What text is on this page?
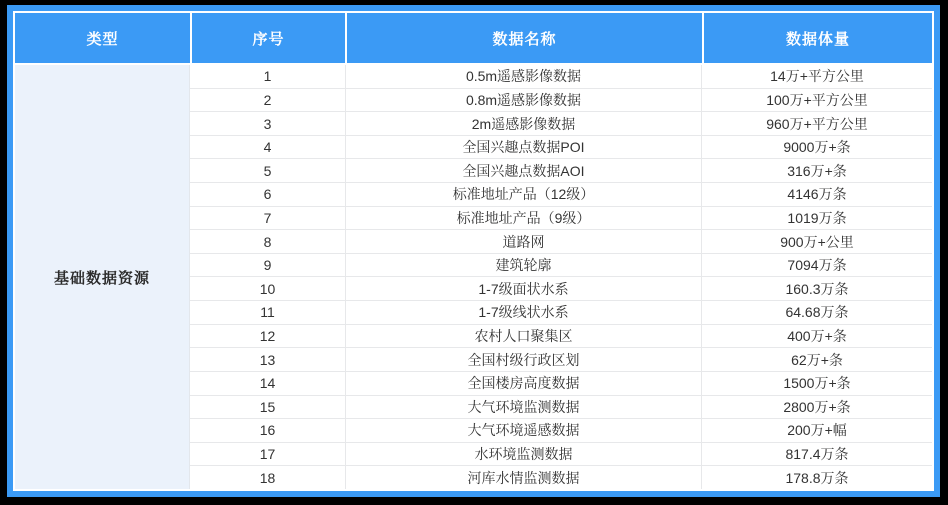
类型	序号	数据名称	数据体量
基础数据资源
1	0.5m遥感影像数据	14万+平方公里
2	0.8m遥感影像数据	100万+平方公里
3	2m遥感影像数据	960万+平方公里
4	全国兴趣点数据POI	9000万+条
5	全国兴趣点数据AOI	316万+条
6	标准地址产品（12级）	4146万条
7	标准地址产品（9级）	1019万条
8	道路网	900万+公里
9	建筑轮廓	7094万条
10	1-7级面状水系	160.3万条
11	1-7级线状水系	64.68万条
12	农村人口聚集区	400万+条
13	全国村级行政区划	62万+条
14	全国楼房高度数据	1500万+条
15	大气环境监测数据	2800万+条
16	大气环境遥感数据	200万+幅
17	水环境监测数据	817.4万条
18	河库水情监测数据	178.8万条
